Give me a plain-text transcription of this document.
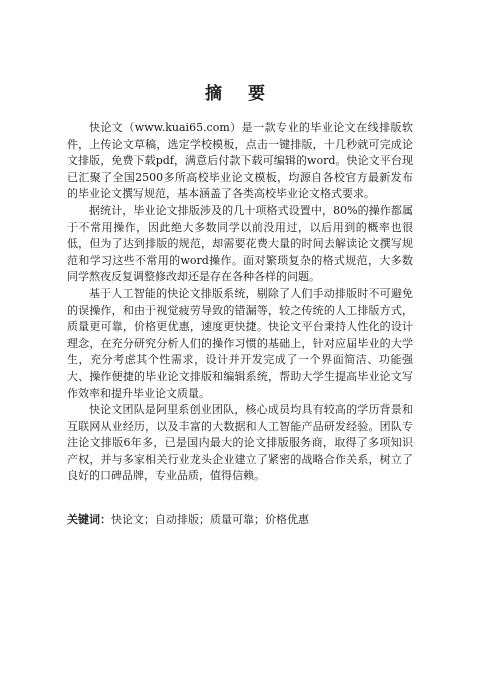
摘 要

快论文（www.kuai65.com）是一款专业的毕业论文在线排版软件，上传论文草稿，选定学校模板，点击一键排版，十几秒就可完成论文排版，免费下载pdf，满意后付款下载可编辑的word。快论文平台现已汇聚了全国2500多所高校毕业论文模板，均源自各校官方最新发布的毕业论文撰写规范，基本涵盖了各类高校毕业论文格式要求。

据统计，毕业论文排版涉及的几十项格式设置中，80%的操作都属于不常用操作，因此绝大多数同学以前没用过，以后用到的概率也很低，但为了达到排版的规范，却需要花费大量的时间去解读论文撰写规范和学习这些不常用的word操作。面对繁琐复杂的格式规范，大多数同学熬夜反复调整修改却还是存在各种各样的问题。

基于人工智能的快论文排版系统，剔除了人们手动排版时不可避免的误操作，和由于视觉疲劳导致的错漏等，较之传统的人工排版方式，质量更可靠，价格更优惠，速度更快捷。快论文平台秉持人性化的设计理念，在充分研究分析人们的操作习惯的基础上，针对应届毕业的大学生，充分考虑其个性需求，设计并开发完成了一个界面简洁、功能强大、操作便捷的毕业论文排版和编辑系统，帮助大学生提高毕业论文写作效率和提升毕业论文质量。

快论文团队是阿里系创业团队，核心成员均具有较高的学历背景和互联网从业经历，以及丰富的大数据和人工智能产品研发经验。团队专注论文排版6年多，已是国内最大的论文排版服务商，取得了多项知识产权，并与多家相关行业龙头企业建立了紧密的战略合作关系，树立了良好的口碑品牌，专业品质，值得信赖。

关键词：快论文；自动排版；质量可靠；价格优惠
